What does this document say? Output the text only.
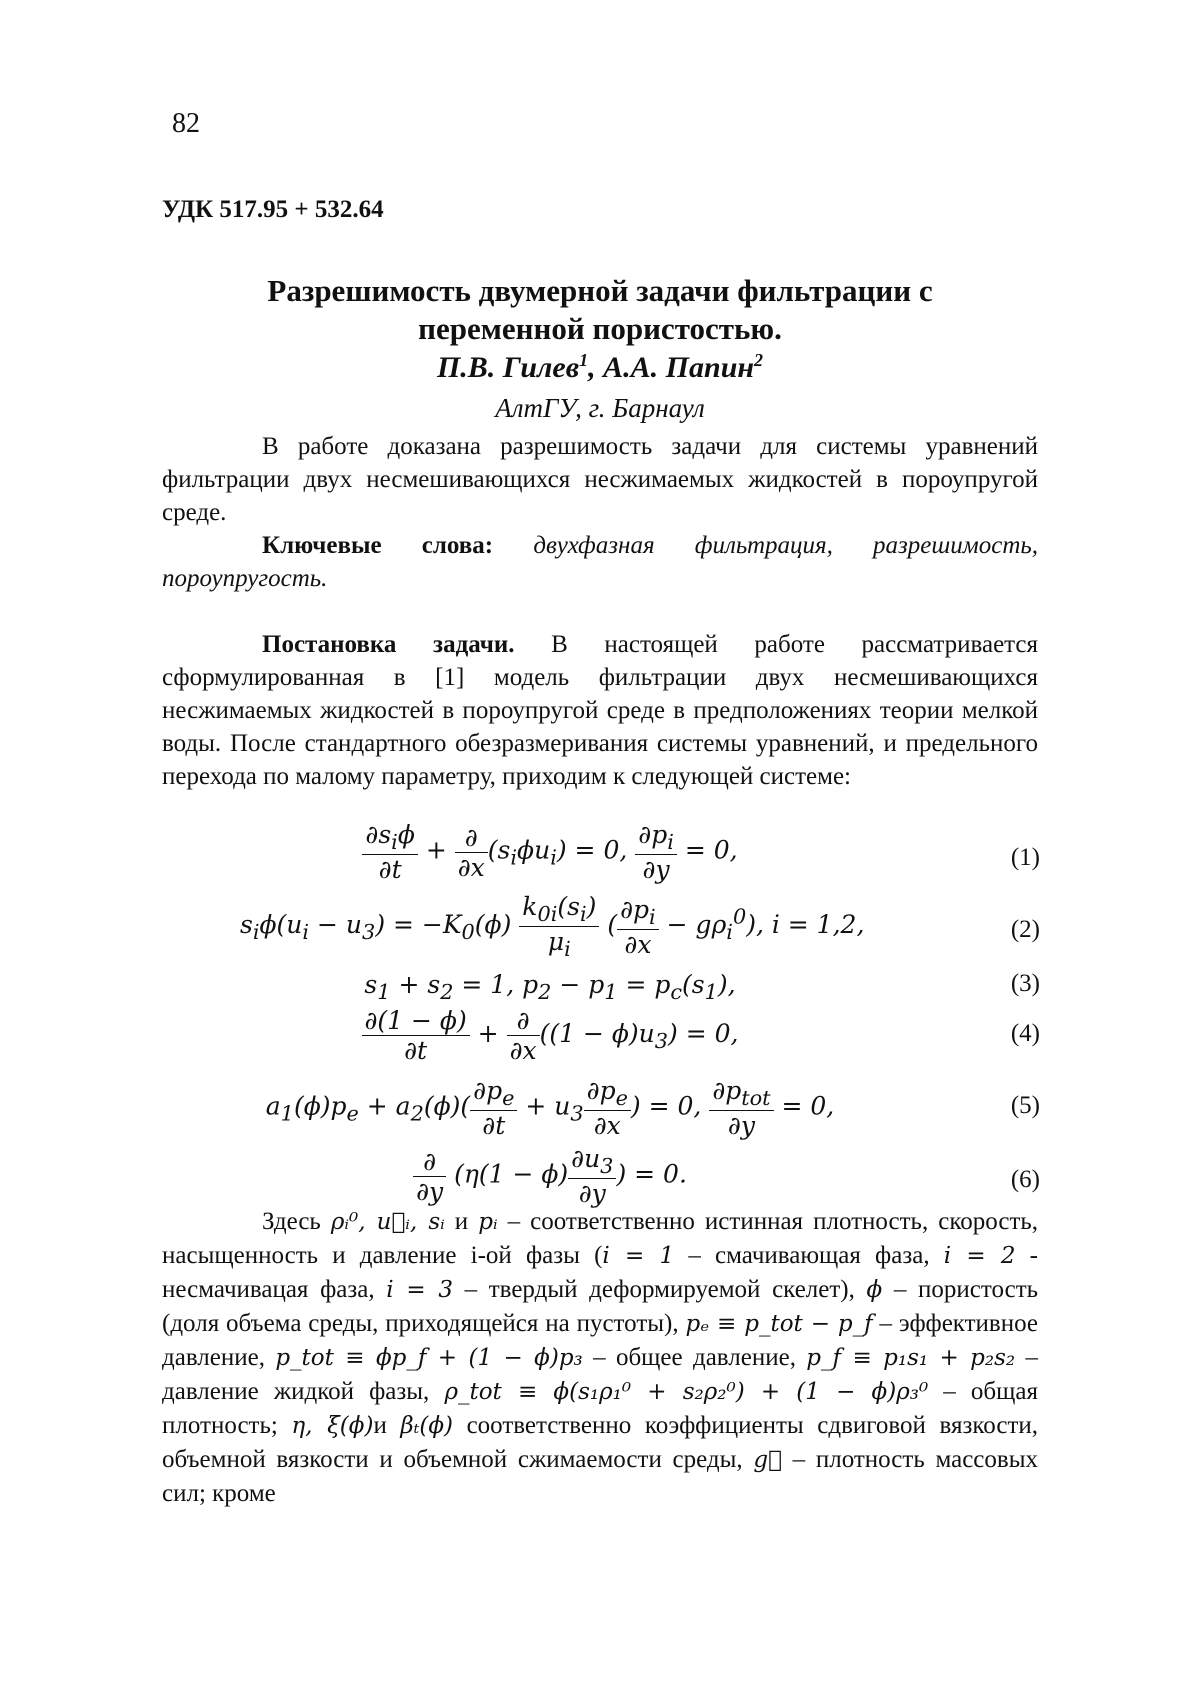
82
УДК 517.95 + 532.64
Разрешимость двумерной задачи фильтрации с
переменной пористостью.
П.В. Гилев1, А.А. Папин2
АлтГУ, г. Барнаул
В работе доказана разрешимость задачи для системы уравнений фильтрации двух несмешивающихся несжимаемых жидкостей в пороупругой среде.
Ключевые слова: двухфазная фильтрация, разрешимость, пороупругость.
Постановка задачи. В настоящей работе рассматривается сформулированная в [1] модель фильтрации двух несмешивающихся несжимаемых жидкостей в пороупругой среде в предположениях теории мелкой воды. После стандартного обезразмеривания системы уравнений, и предельного перехода по малому параметру, приходим к следующей системе:
∂siϕ
∂t
+ ∂
∂x
(siϕui) = 0,
∂pi
∂y
= 0,	(1)
siϕ(ui − u3) = −K0(ϕ)
k0i(si)
μi
(
∂pi
∂x
− gρi0), i = 1,2,	(2)
s1 + s2 = 1, p2 − p1 = pc(s1),	(3)
∂(1 − ϕ)
∂t
+ ∂
∂x
((1 − ϕ)u3) = 0,	(4)
a1(ϕ)pe + a2(ϕ)(
∂pe
∂t
+ u3
∂pe
∂x
) = 0,
∂ptot
∂y
= 0,	(5)
∂
∂y
(η(1 − ϕ)
∂u3
∂y
) = 0.	(6)
Здесь ρᵢ⁰, u⃗ᵢ, sᵢ и pᵢ – соответственно истинная плотность, скорость, насыщенность и давление i-ой фазы (i = 1 – смачивающая фаза, i = 2 - несмачивацая фаза, i = 3 – твердый деформируемой скелет), ϕ – пористость (доля объема среды, приходящейся на пустоты), pₑ ≡ p_tot − p_f – эффективное давление, p_tot ≡ ϕp_f + (1 − ϕ)p₃ – общее давление, p_f ≡ p₁s₁ + p₂s₂ – давление жидкой фазы, ρ_tot ≡ ϕ(s₁ρ₁⁰ + s₂ρ₂⁰) + (1 − ϕ)ρ₃⁰ – общая плотность; η, ξ(ϕ)и βₜ(ϕ) соответственно коэффициенты сдвиговой вязкости, объемной вязкости и объемной сжимаемости среды, g⃗ – плотность массовых сил; кроме
